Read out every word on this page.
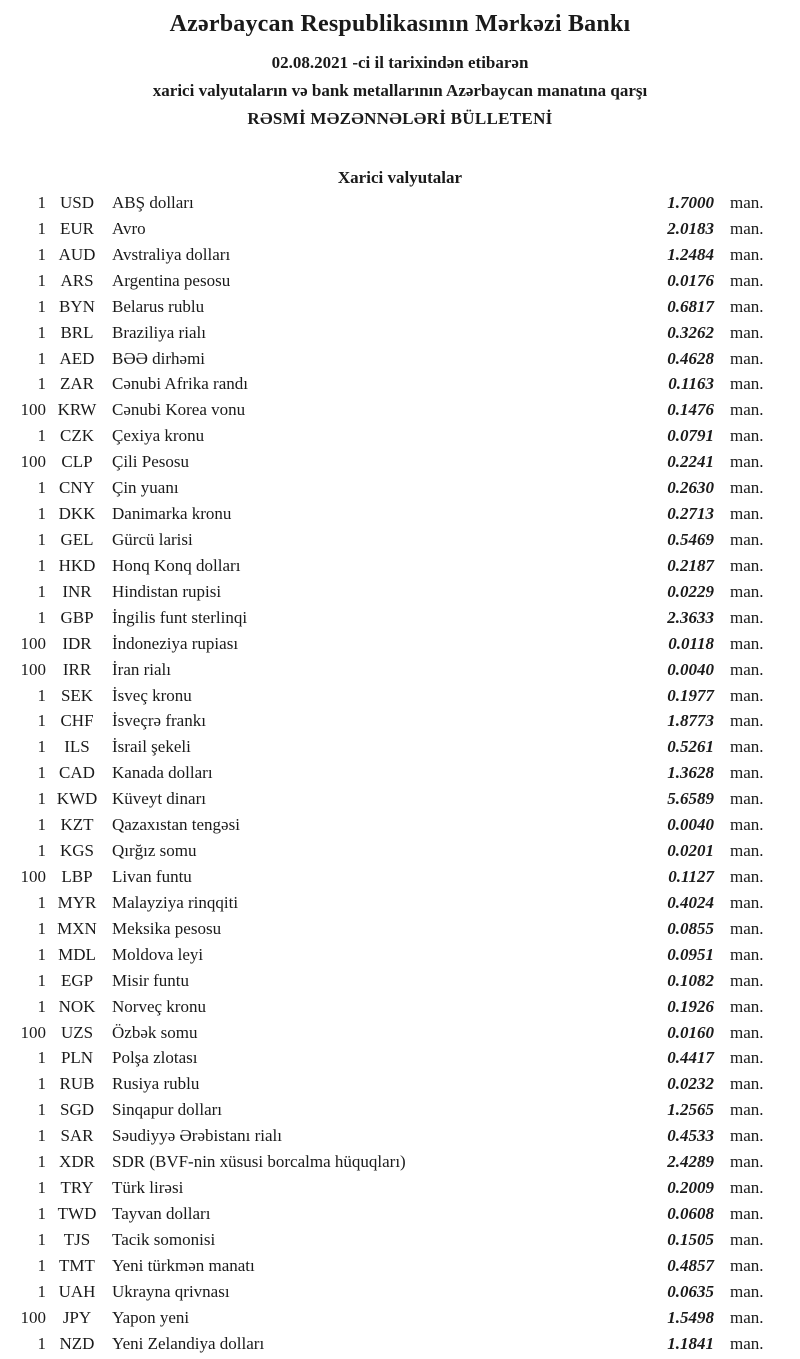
Azərbaycan Respublikasının Mərkəzi Bankı
02.08.2021 -ci il tarixindən etibarən
xarici valyutaların və bank metallarının Azərbaycan manatına qarşı
RƏSMİ MƏZƏNNƏLƏRİ BÜLLETENİ
Xarici valyutalar
1 USD	ABŞ dolları	1.7000 man.
1 EUR	Avro	2.0183 man.
1 AUD Avstraliya dolları	1.2484 man.
1 ARS	Argentina pesosu	0.0176 man.
1 BYN	Belarus rublu	0.6817 man.
1 BRL	Braziliya rialı	0.3262 man.
1 AED	BƏƏ dirhəmi	0.4628 man.
1 ZAR	Cənubi Afrika randı	0.1163 man.
100 KRW Cənubi Korea vonu	0.1476 man.
1 CZK	Çexiya kronu	0.0791 man.
100 CLP	Çili Pesosu	0.2241 man.
1 CNY	Çin yuanı	0.2630 man.
1 DKK Danimarka kronu	0.2713 man.
1 GEL	Gürcü larisi	0.5469 man.
1 HKD Honq Konq dolları	0.2187 man.
1 INR	Hindistan rupisi	0.0229 man.
1 GBP	İngilis funt sterlinqi	2.3633 man.
100 IDR	İndoneziya rupiası	0.0118 man.
100 IRR	İran rialı	0.0040 man.
1 SEK	İsveç kronu	0.1977 man.
1 CHF	İsveçrə frankı	1.8773 man.
1	ILS	İsrail şekeli	0.5261 man.
1 CAD	Kanada dolları	1.3628 man.
1 KWD Küveyt dinarı	5.6589 man.
1 KZT	Qazaxıstan tengəsi	0.0040 man.
1 KGS	Qırğız somu	0.0201 man.
100 LBP	Livan funtu	0.1127 man.
1 MYR Malayziya rinqqiti	0.4024 man.
1 MXN Meksika pesosu	0.0855 man.
1 MDL Moldova leyi	0.0951 man.
1 EGP	Misir funtu	0.1082 man.
1 NOK Norveç kronu	0.1926 man.
100 UZS	Özbək somu	0.0160 man.
1 PLN	Polşa zlotası	0.4417 man.
1 RUB	Rusiya rublu	0.0232 man.
1 SGD	Sinqapur dolları	1.2565 man.
1 SAR	Səudiyyə Ərəbistanı rialı	0.4533 man.
1 XDR	SDR (BVF-nin xüsusi borcalma hüquqları)	2.4289 man.
1 TRY	Türk lirəsi	0.2009 man.
1 TWD Tayvan dolları	0.0608 man.
1	TJS	Tacik somonisi	0.1505 man.
1 TMT	Yeni türkmən manatı	0.4857 man.
1 UAH Ukrayna qrivnası	0.0635 man.
100 JPY	Yapon yeni	1.5498 man.
1 NZD	Yeni Zelandiya dolları	1.1841 man.
